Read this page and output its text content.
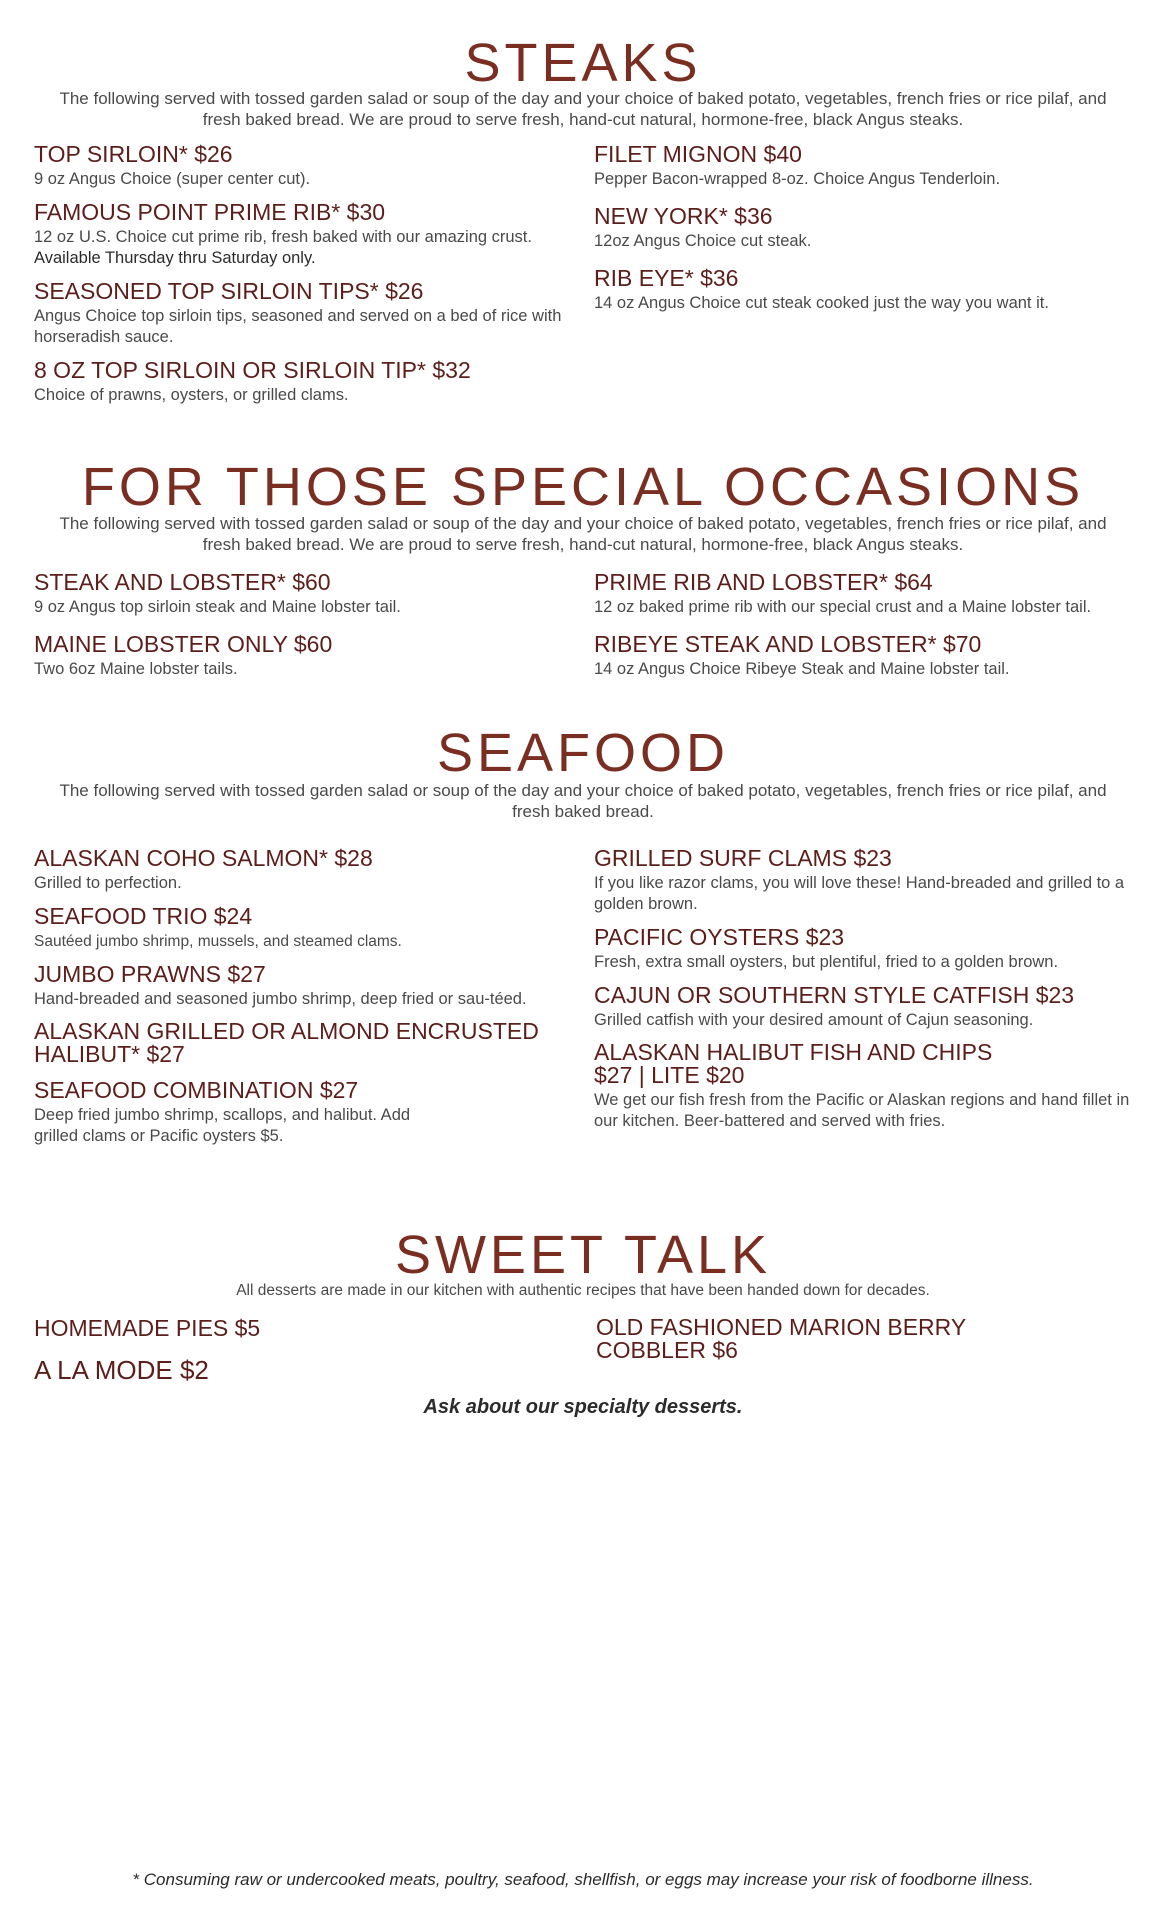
STEAKS

The following served with tossed garden salad or soup of the day and your choice of baked potato, vegetables, french fries or rice pilaf, and fresh baked bread. We are proud to serve fresh, hand-cut natural, hormone-free, black Angus steaks.

TOP SIRLOIN* $26
9 oz Angus Choice (super center cut).
FAMOUS POINT PRIME RIB* $30
12 oz U.S. Choice cut prime rib, fresh baked with our amazing crust. Available Thursday thru Saturday only.
SEASONED TOP SIRLOIN TIPS* $26
Angus Choice top sirloin tips, seasoned and served on a bed of rice with horseradish sauce.
8 OZ TOP SIRLOIN OR SIRLOIN TIP* $32
Choice of prawns, oysters, or grilled clams.
FILET MIGNON $40
Pepper Bacon-wrapped 8-oz. Choice Angus Tenderloin.
NEW YORK* $36
12oz Angus Choice cut steak.
RIB EYE* $36
14 oz Angus Choice cut steak cooked just the way you want it.
FOR THOSE SPECIAL OCCASIONS

The following served with tossed garden salad or soup of the day and your choice of baked potato, vegetables, french fries or rice pilaf, and fresh baked bread. We are proud to serve fresh, hand-cut natural, hormone-free, black Angus steaks.

STEAK AND LOBSTER* $60
9 oz Angus top sirloin steak and Maine lobster tail.
MAINE LOBSTER ONLY $60
Two 6oz Maine lobster tails.
PRIME RIB AND LOBSTER* $64
12 oz baked prime rib with our special crust and a Maine lobster tail.
RIBEYE STEAK AND LOBSTER* $70
14 oz Angus Choice Ribeye Steak and Maine lobster tail.
SEAFOOD

The following served with tossed garden salad or soup of the day and your choice of baked potato, vegetables, french fries or rice pilaf, and fresh baked bread.

ALASKAN COHO SALMON* $28
Grilled to perfection.
SEAFOOD TRIO $24
Sautéed jumbo shrimp, mussels, and steamed clams.
JUMBO PRAWNS $27
Hand-breaded and seasoned jumbo shrimp, deep fried or sau-téed.
ALASKAN GRILLED OR ALMOND ENCRUSTED HALIBUT* $27
SEAFOOD COMBINATION $27
Deep fried jumbo shrimp, scallops, and halibut. Add grilled clams or Pacific oysters $5.
GRILLED SURF CLAMS $23
If you like razor clams, you will love these! Hand-breaded and grilled to a golden brown.
PACIFIC OYSTERS $23
Fresh, extra small oysters, but plentiful, fried to a golden brown.
CAJUN OR SOUTHERN STYLE CATFISH $23
Grilled catfish with your desired amount of Cajun seasoning.
ALASKAN HALIBUT FISH AND CHIPS $27 | LITE $20
We get our fish fresh from the Pacific or Alaskan regions and hand fillet in our kitchen. Beer-battered and served with fries.
SWEET TALK

All desserts are made in our kitchen with authentic recipes that have been handed down for decades.

HOMEMADE PIES $5
A LA MODE $2
OLD FASHIONED MARION BERRY COBBLER $6
Ask about our specialty desserts.
* Consuming raw or undercooked meats, poultry, seafood, shellfish, or eggs may increase your risk of foodborne illness.
